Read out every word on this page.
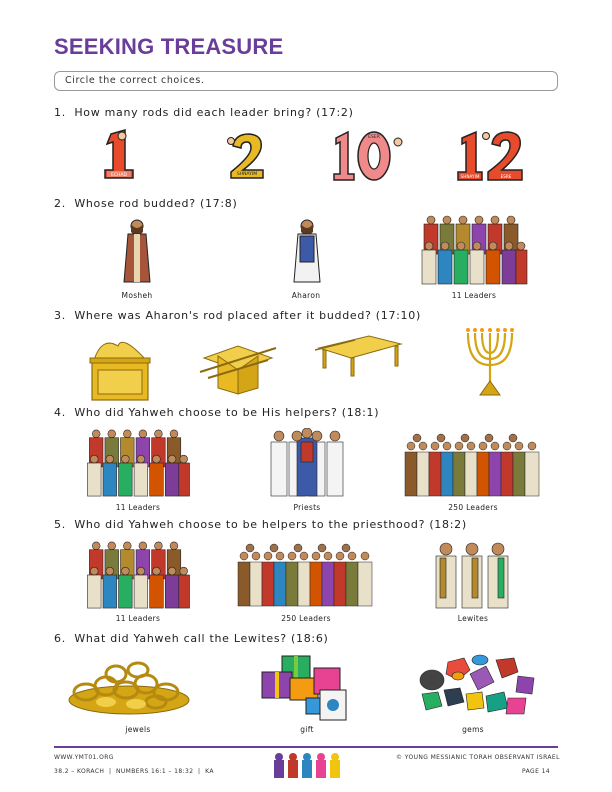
SEEKING TREASURE
Circle the correct choices.
1. How many rods did each leader bring? (17:2)
ECHAD	SHNAYIM
ESER
SHNAYIM	ESRE
2. Whose rod budded? (17:8)
Mosheh	Aharon	11 Leaders
3. Where was Aharon's rod placed after it budded? (17:10)
4. Who did Yahweh choose to be His helpers? (18:1)
11 Leaders	Priests	250 Leaders
5. Who did Yahweh choose to be helpers to the priesthood? (18:2)
11 Leaders	250 Leaders	Lewites
6. What did Yahweh call the Lewites? (18:6)
jewels	gift	gems
WWW.YMT01.ORG
38.2 – KORACH  |  NUMBERS 16:1 – 18:32  |  KA
© YOUNG MESSIANIC TORAH OBSERVANT ISRAEL
PAGE 14
